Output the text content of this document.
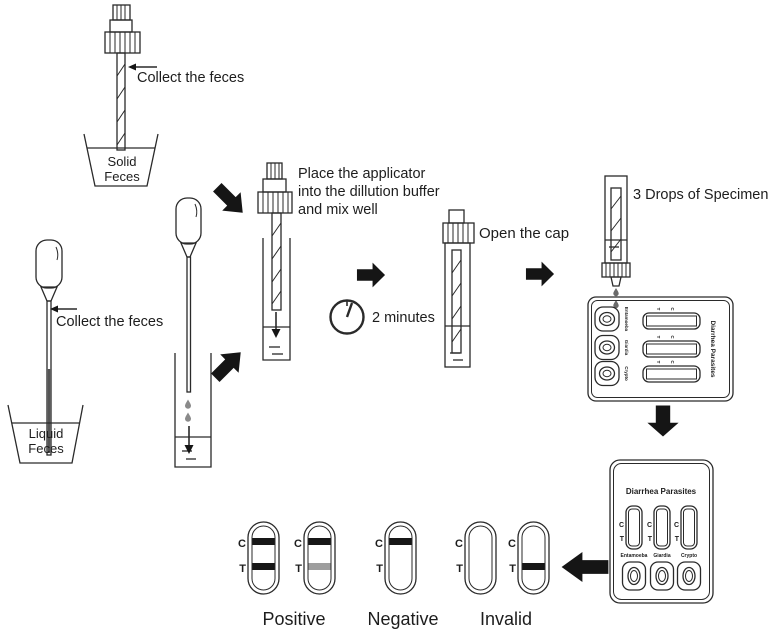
Collect the feces
Solid
Feces
Collect the feces
Liquid
Feces
Place the applicator
into the dillution buffer
and mix well
2 minutes
Open the cap
3 Drops of Specimen
Entamoeba
Giardia
Crypto
T C
T C
T C	Diarrhea Parasites
Diarrhea Parasites
C
T
C
T
C
T
Entamoeba Giardia Crypto
C
T
C
T
C
T
C
T
C
T
Positive Negative Invalid
